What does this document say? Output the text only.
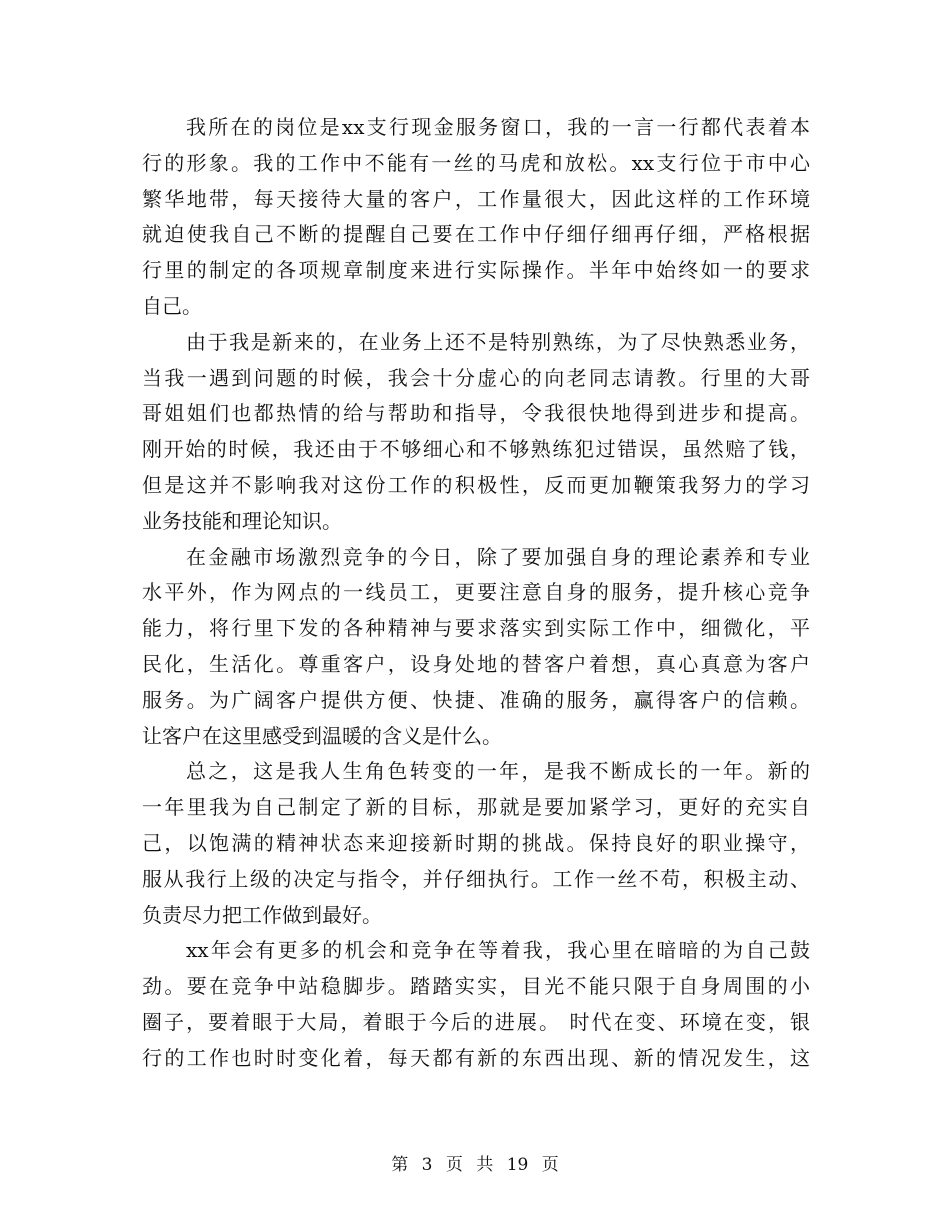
我所在的岗位是xx支行现金服务窗口，我的一言一行都代表着本
行的形象。我的工作中不能有一丝的马虎和放松。xx支行位于市中心
繁华地带，每天接待大量的客户，工作量很大，因此这样的工作环境
就迫使我自己不断的提醒自己要在工作中仔细仔细再仔细，严格根据
行里的制定的各项规章制度来进行实际操作。半年中始终如一的要求
自己。
由于我是新来的，在业务上还不是特别熟练，为了尽快熟悉业务，
当我一遇到问题的时候，我会十分虚心的向老同志请教。行里的大哥
哥姐姐们也都热情的给与帮助和指导，令我很快地得到进步和提高。
刚开始的时候，我还由于不够细心和不够熟练犯过错误，虽然赔了钱，
但是这并不影响我对这份工作的积极性，反而更加鞭策我努力的学习
业务技能和理论知识。
在金融市场激烈竞争的今日，除了要加强自身的理论素养和专业
水平外，作为网点的一线员工，更要注意自身的服务，提升核心竞争
能力，将行里下发的各种精神与要求落实到实际工作中，细微化，平
民化，生活化。尊重客户，设身处地的替客户着想，真心真意为客户
服务。为广阔客户提供方便、快捷、准确的服务，赢得客户的信赖。
让客户在这里感受到温暖的含义是什么。
总之，这是我人生角色转变的一年，是我不断成长的一年。新的
一年里我为自己制定了新的目标，那就是要加紧学习，更好的充实自
己，以饱满的精神状态来迎接新时期的挑战。保持良好的职业操守，
服从我行上级的决定与指令，并仔细执行。工作一丝不苟，积极主动、
负责尽力把工作做到最好。
xx年会有更多的机会和竞争在等着我，我心里在暗暗的为自己鼓
劲。要在竞争中站稳脚步。踏踏实实，目光不能只限于自身周围的小
圈子，要着眼于大局，着眼于今后的进展。 时代在变、环境在变，银
行的工作也时时变化着，每天都有新的东西出现、新的情况发生，这
第 3 页 共 19 页
